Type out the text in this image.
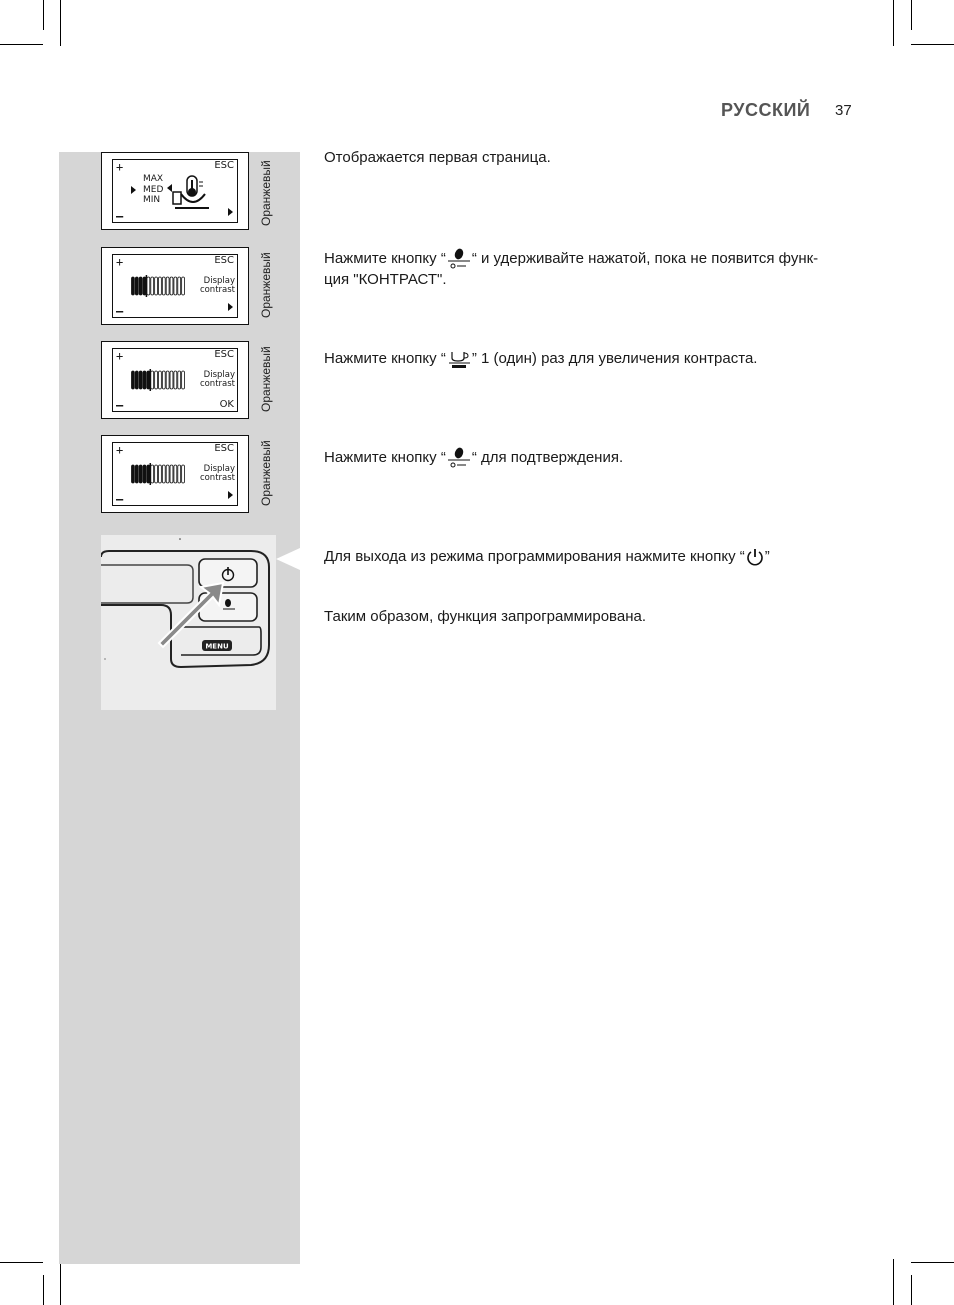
РУССКИЙ 37
+	ESC
–
MAX
MED
MIN	Оранжевый
+	ESC
–
Display
contrast Оранжевый
+	ESC
–
Display
contrast
OK Оранжевый
+	ESC
–
Display
contrast Оранжевый
MENU
Отображается первая страница.
Нажмите кнопку “ “ и удерживайте нажатой, пока не появится функ-
ция "КОНТРАСТ".
Нажмите кнопку “ ” 1 (один) раз для увеличения контраста.
Нажмите кнопку “ “ для подтверждения.
Для выхода из режима программирования нажмите кнопку “ ”
Таким образом, функция запрограммирована.
